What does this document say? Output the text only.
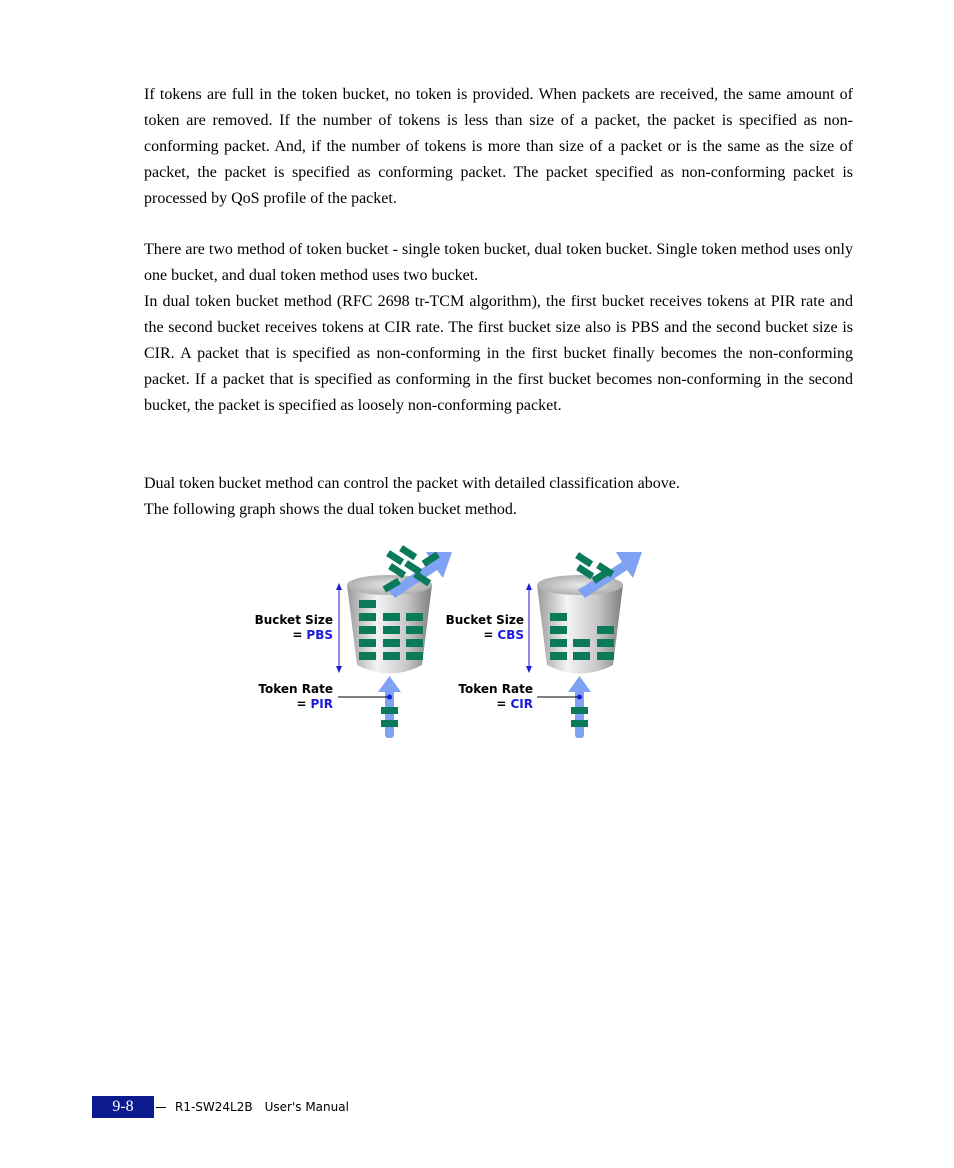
If tokens are full in the token bucket, no token is provided. When packets are received, the same amount of token are removed. If the number of tokens is less than size of a packet, the packet is specified as non-conforming packet. And, if the number of tokens is more than size of a packet or is the same as the size of packet, the packet is specified as conforming packet. The packet specified as non-conforming packet is processed by QoS profile of the packet.

There are two method of token bucket - single token bucket, dual token bucket. Single token method uses only one bucket, and dual token method uses two bucket.

In dual token bucket method (RFC 2698 tr-TCM algorithm), the first bucket receives tokens at PIR rate and the second bucket receives tokens at CIR rate. The first bucket size also is PBS and the second bucket size is CIR. A packet that is specified as non-conforming in the first bucket finally becomes the non-conforming packet. If a packet that is specified as conforming in the first bucket becomes non-conforming in the second bucket, the packet is specified as loosely non-conforming packet.

Dual token bucket method can control the packet with detailed classification above.

The following graph shows the dual token bucket method.

Bucket Size
= PBS
Token Rate
= PIR
Bucket Size
= CBS
Token Rate
= CIR
9-8	R1-SW24L2B User's Manual
